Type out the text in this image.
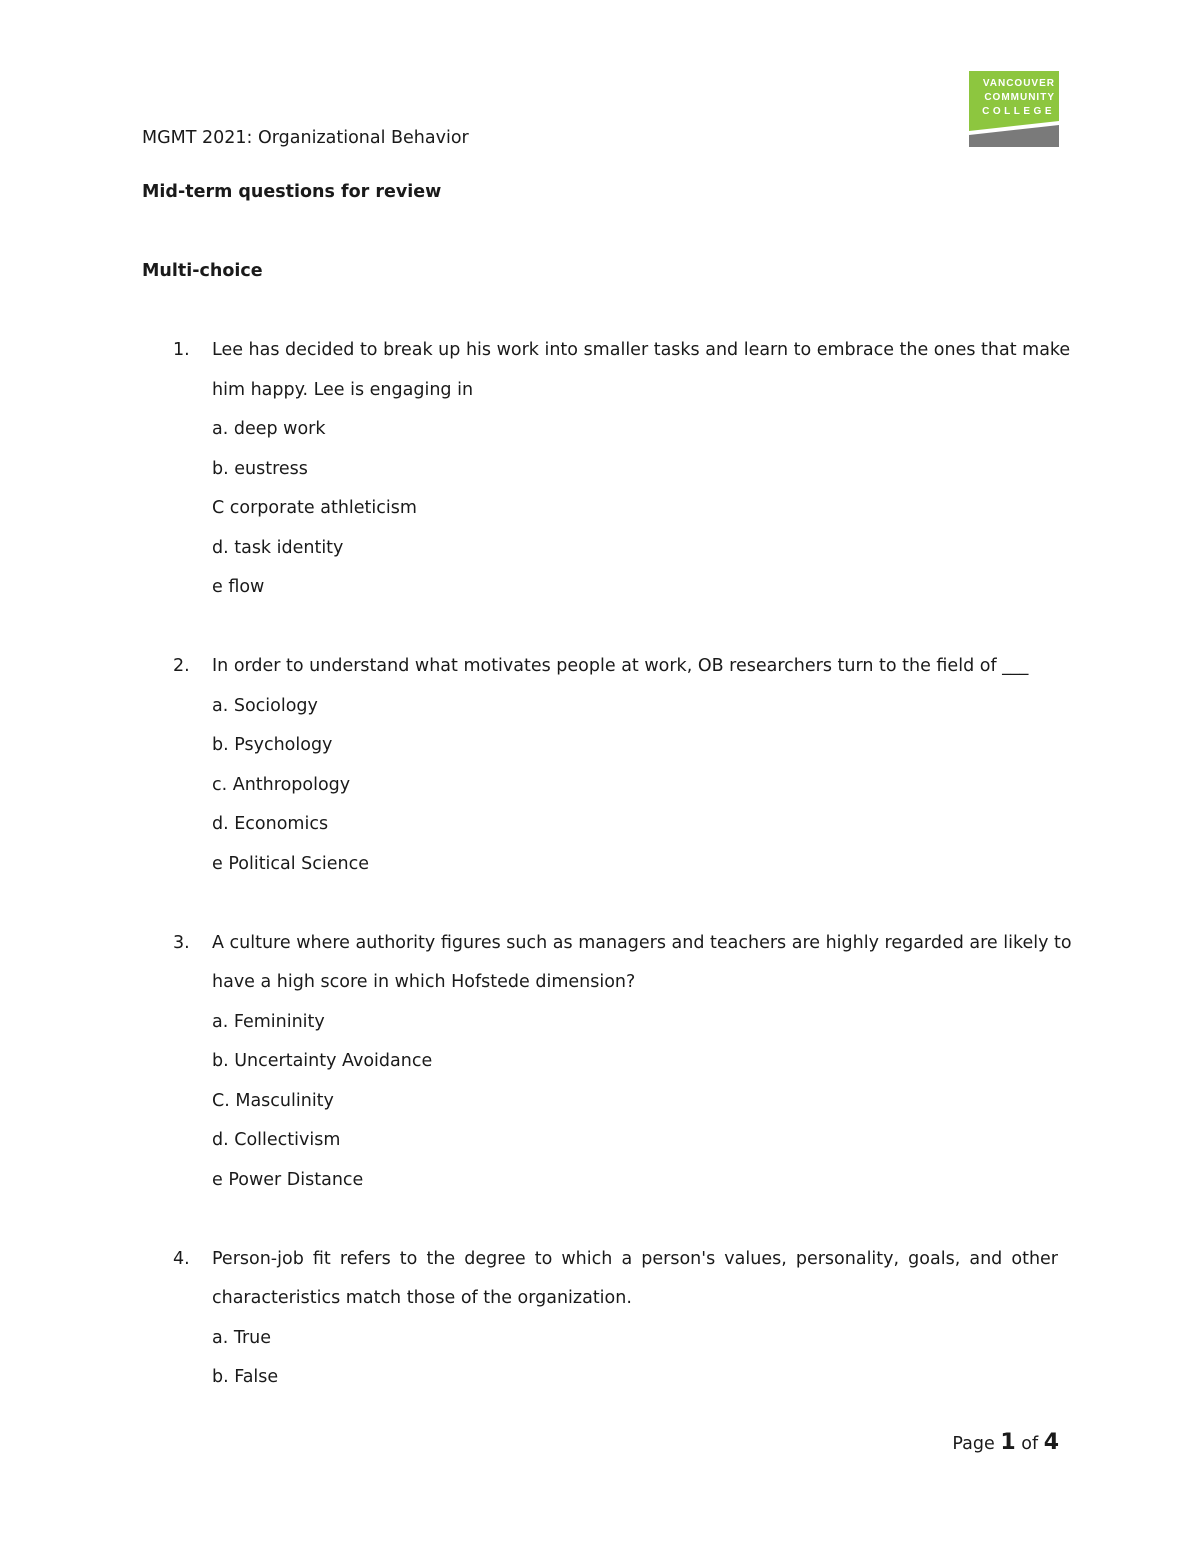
VANCOUVER
COMMUNITY
COLLEGE
MGMT 2021: Organizational Behavior
Mid-term questions for review
Multi-choice
1. Lee has decided to break up his work into smaller tasks and learn to embrace the ones that make
him happy. Lee is engaging in
a. deep work
b. eustress
C corporate athleticism
d. task identity
e flow
2. In order to understand what motivates people at work, OB researchers turn to the field of ___
a. Sociology
b. Psychology
c. Anthropology
d. Economics
e Political Science
3. A culture where authority figures such as managers and teachers are highly regarded are likely to
have a high score in which Hofstede dimension?
a. Femininity
b. Uncertainty Avoidance
C. Masculinity
d. Collectivism
e Power Distance
4. Person-job fit refers to the degree to which a person's values, personality, goals, and other
characteristics match those of the organization.
a. True
b. False
Page 1 of 4
